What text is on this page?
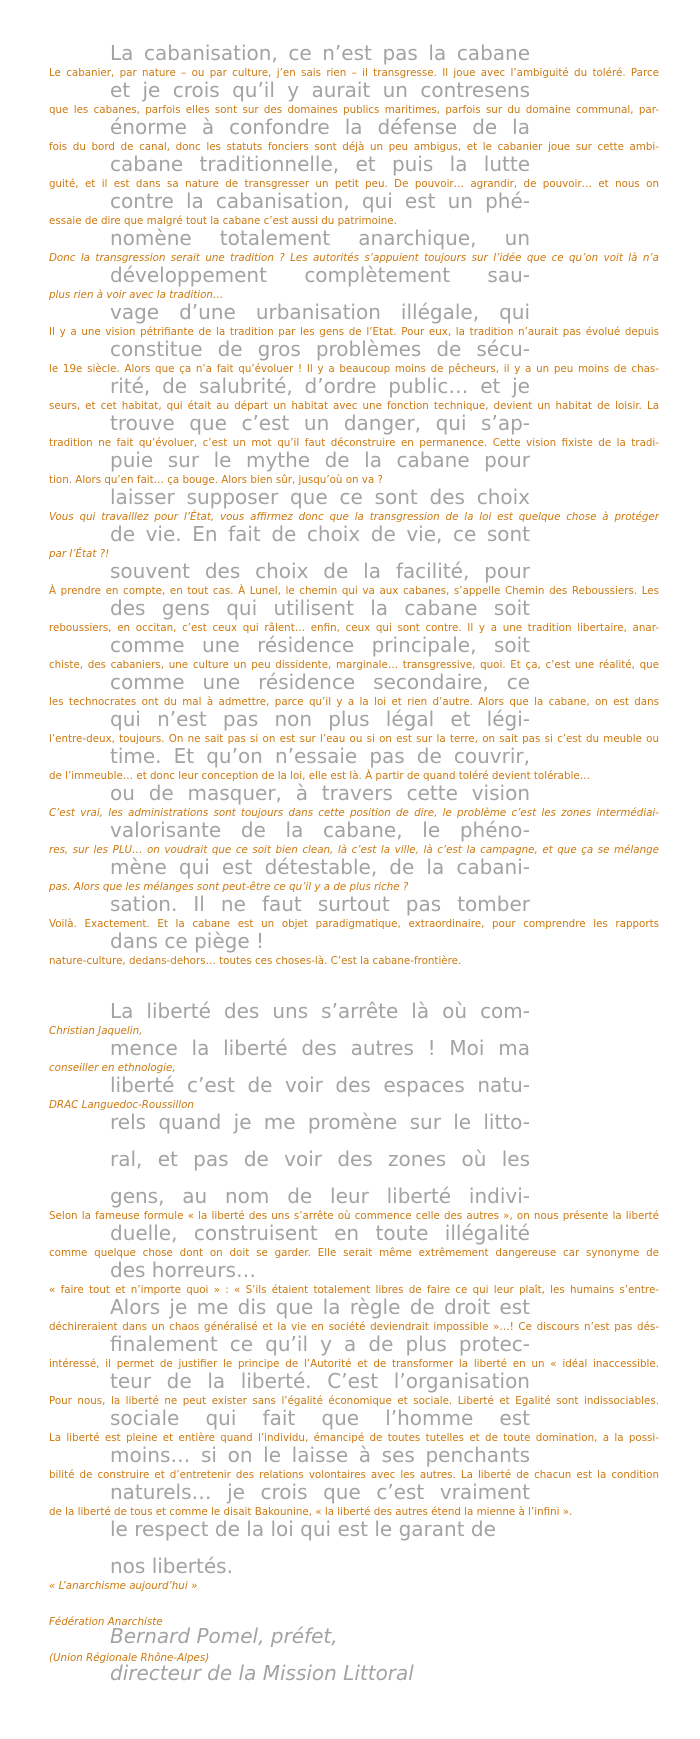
La cabanisation, ce n’est pas la cabane
et je crois qu’il y aurait un contresens
énorme à confondre la défense de la
cabane traditionnelle, et puis la lutte
contre la cabanisation, qui est un phé-
nomène totalement anarchique, un
développement complètement sau-
vage d’une urbanisation illégale, qui
constitue de gros problèmes de sécu-
rité, de salubrité, d’ordre public… et je
trouve que c’est un danger, qui s’ap-
puie sur le mythe de la cabane pour
laisser supposer que ce sont des choix
de vie. En fait de choix de vie, ce sont
souvent des choix de la facilité, pour
des gens qui utilisent la cabane soit
comme une résidence principale, soit
comme une résidence secondaire, ce
qui n’est pas non plus légal et légi-
time. Et qu’on n’essaie pas de couvrir,
ou de masquer, à travers cette vision
valorisante de la cabane, le phéno-
mène qui est détestable, de la cabani-
sation. Il ne faut surtout pas tomber
dans ce piège !
Le cabanier, par nature – ou par culture, j’en sais rien – il transgresse. Il joue avec l’ambiguité du toléré. Parce
que les cabanes, parfois elles sont sur des domaines publics maritimes, parfois sur du domaine communal, par-
fois du bord de canal, donc les statuts fonciers sont déjà un peu ambigus, et le cabanier joue sur cette ambi-
guité, et il est dans sa nature de transgresser un petit peu. De pouvoir… agrandir, de pouvoir… et nous on
essaie de dire que malgré tout la cabane c’est aussi du patrimoine.
Donc la transgression serait une tradition ? Les autorités s’appuient toujours sur l’idée que ce qu’on voit là n’a
plus rien à voir avec la tradition…
Il y a une vision pétrifiante de la tradition par les gens de l’Etat. Pour eux, la tradition n’aurait pas évolué depuis
le 19e siècle. Alors que ça n’a fait qu’évoluer ! Il y a beaucoup moins de pêcheurs, il y a un peu moins de chas-
seurs, et cet habitat, qui était au départ un habitat avec une fonction technique, devient un habitat de loisir. La
tradition ne fait qu’évoluer, c’est un mot qu’il faut déconstruire en permanence. Cette vision fixiste de la tradi-
tion. Alors qu’en fait… ça bouge. Alors bien sûr, jusqu’où on va ?
Vous qui travaillez pour l’État, vous affirmez donc que la transgression de la loi est quelque chose à protéger
par l’État ?!
À prendre en compte, en tout cas. À Lunel, le chemin qui va aux cabanes, s’appelle Chemin des Reboussiers. Les
reboussiers, en occitan, c’est ceux qui râlent… enfin, ceux qui sont contre. Il y a une tradition libertaire, anar-
chiste, des cabaniers, une culture un peu dissidente, marginale… transgressive, quoi. Et ça, c’est une réalité, que
les technocrates ont du mal à admettre, parce qu’il y a la loi et rien d’autre. Alors que la cabane, on est dans
l’entre-deux, toujours. On ne sait pas si on est sur l’eau ou si on est sur la terre, on sait pas si c’est du meuble ou
de l’immeuble… et donc leur conception de la loi, elle est là. À partir de quand toléré devient tolérable…
C’est vrai, les administrations sont toujours dans cette position de dire, le problème c’est les zones intermédiai-
res, sur les PLU… on voudrait que ce soit bien clean, là c’est la ville, là c’est la campagne, et que ça se mélange
pas. Alors que les mélanges sont peut-être ce qu’il y a de plus riche ?
Voilà. Exactement. Et la cabane est un objet paradigmatique, extraordinaire, pour comprendre les rapports
nature-culture, dedans-dehors… toutes ces choses-là. C’est la cabane-frontière.
La liberté des uns s’arrête là où com-
mence la liberté des autres ! Moi ma
liberté c’est de voir des espaces natu-
rels quand je me promène sur le litto-
ral, et pas de voir des zones où les
gens, au nom de leur liberté indivi-
duelle, construisent en toute illégalité
des horreurs…
Alors je me dis que la règle de droit est
finalement ce qu’il y a de plus protec-
teur de la liberté. C’est l’organisation
sociale qui fait que l’homme est
moins… si on le laisse à ses penchants
naturels… je crois que c’est vraiment
le respect de la loi qui est le garant de
nos libertés.
Christian Jaquelin,
conseiller en ethnologie,
DRAC Languedoc-Roussillon
Selon la fameuse formule « la liberté des uns s’arrête où commence celle des autres », on nous présente la liberté
comme quelque chose dont on doit se garder. Elle serait même extrêmement dangereuse car synonyme de
« faire tout et n’importe quoi » : « S’ils étaient totalement libres de faire ce qui leur plaît, les humains s’entre-
déchireraient dans un chaos généralisé et la vie en société deviendrait impossible »…! Ce discours n’est pas dés-
intéressé, il permet de justifier le principe de l’Autorité et de transformer la liberté en un « idéal inaccessible.
Pour nous, la liberté ne peut exister sans l’égalité économique et sociale. Liberté et Egalité sont indissociables.
La liberté est pleine et entière quand l’individu, émancipé de toutes tutelles et de toute domination, a la possi-
bilité de construire et d’entretenir des relations volontaires avec les autres. La liberté de chacun est la condition
de la liberté de tous et comme le disait Bakounine, « la liberté des autres étend la mienne à l’infini ».
« L’anarchisme aujourd’hui »
Fédération Anarchiste
(Union Régionale Rhône-Alpes)
Bernard Pomel, préfet,
directeur de la Mission Littoral
